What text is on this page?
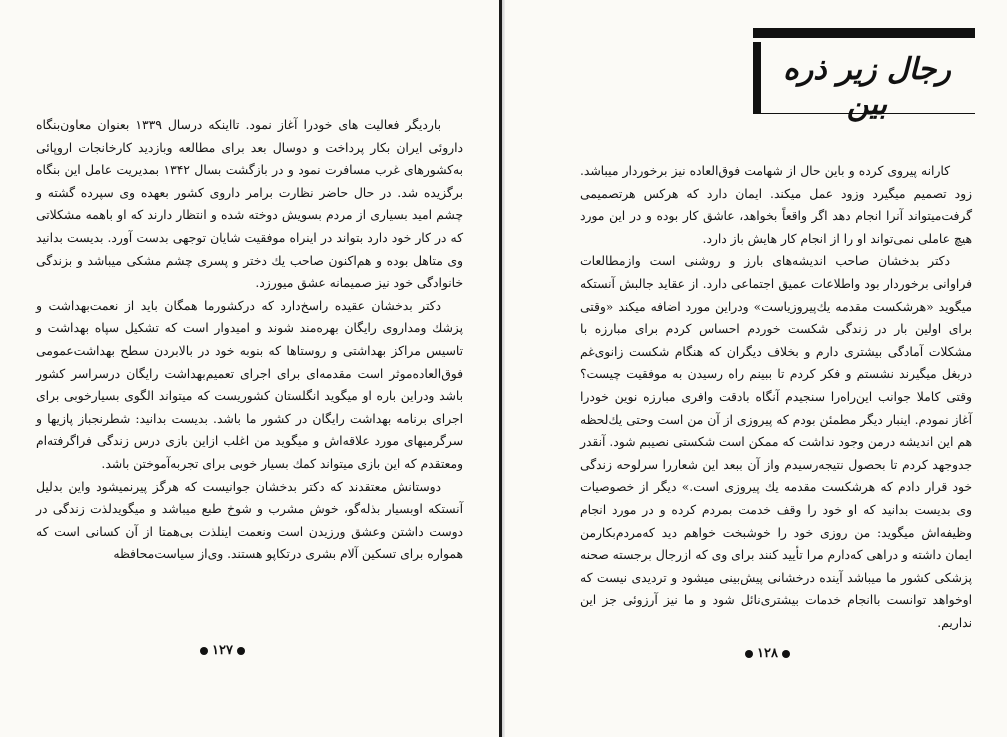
باردیگر فعالیت های خودرا آغاز نمود. تااینکه درسال ۱۳۳۹ بعنوان معاون‌بنگاه داروئی ایران بکار پرداخت و دوسال بعد برای مطالعه وبازدید کارخانجات اروپائی به‌کشورهای غرب مسافرت نمود و در بازگشت بسال ۱۳۴۲ بمدیریت عامل این بنگاه برگزیده شد. در حال حاضر نظارت برامر داروی کشور بعهده وی سپرده گشته و چشم امید بسیاری از مردم بسویش دوخته شده و انتظار دارند که او باهمه مشکلاتی که در کار خود دارد بتواند در اینراه موفقیت شایان توجهی بدست آورد. بدیست بدانید وی متاهل بوده و هم‌اکنون صاحب یك دختر و پسری چشم مشکی میباشد و بزندگی خانوادگی خود نیز صمیمانه عشق میورزد.

دکتر بدخشان عقیده راسخ‌دارد که درکشورما همگان باید از نعمت‌بهداشت و پزشك ومداروی رایگان بهره‌مند شوند و امیدوار است که تشکیل سپاه بهداشت و تاسیس مراکز بهداشتی و روستاها که بنوبه خود در بالابردن سطح بهداشت‌عمومی فوق‌العاده‌موثر است مقدمه‌ای برای اجرای تعمیم‌بهداشت رایگان درسراسر کشور باشد ودراین باره او میگوید انگلستان کشوریست که میتواند الگوی بسیارخوبی برای اجرای برنامه بهداشت رایگان در کشور ما باشد. بدیست بدانید: شطرنجباز پازیها و سرگرمیهای مورد علاقه‌اش و میگوید من اغلب ازاین بازی درس زندگی فراگرفته‌ام ومعتقدم که این بازی میتواند کمك بسیار خوبی برای تجربه‌آموختن باشد.

دوستانش معتقدند که دکتر بدخشان جوانیست که هرگز پیرنمیشود واین بدلیل آنستکه اوبسیار بذله‌گو، خوش مشرب و شوخ طبع میباشد و میگویدلذت زندگی در دوست داشتن وعشق ورزیدن است ونعمت اینلذت بی‌همتا از آن کسانی است که همواره برای تسکین آلام بشری درتکاپو هستند. وی‌از سیاست‌محافظه

۱۲۷
رجال زیر ذره بین

کارانه پیروی کرده و باین حال از شهامت فوق‌العاده نیز برخوردار میباشد. زود تصمیم میگیرد وزود عمل میکند. ایمان دارد که هرکس هرتصمیمی گرفت‌میتواند آنرا انجام دهد اگر واقعاً بخواهد، عاشق کار بوده و در این مورد هیچ عاملی نمی‌تواند او را از انجام کار هایش باز دارد.

دکتر بدخشان صاحب اندیشه‌های بارز و روشنی است وازمطالعات فراوانی برخوردار بود واطلاعات عمیق اجتماعی دارد. از عقاید جالبش آنستکه میگوید «هرشکست مقدمه یك‌پیروزیاست» ودراین مورد اضافه میکند «وقتی برای اولین بار در زندگی شکست خوردم احساس کردم برای مبارزه با مشکلات آمادگی بیشتری دارم و بخلاف دیگران که هنگام شکست زانوی‌غم دربغل میگیرند نشستم و فکر کردم تا ببینم راه رسیدن به موفقیت چیست؟ وقتی کاملا جوانب این‌راه‌را سنجیدم آنگاه بادقت وافری مبارزه نوین خودرا آغاز نمودم. اینبار دیگر مطمئن بودم که پیروزی از آن من است وحتی یك‌لحظه هم این اندیشه درمن وجود نداشت که ممکن است شکستی نصیبم شود. آنقدر جدوجهد کردم تا بحصول نتیجه‌رسیدم واز آن ببعد این شعاررا سرلوحه زندگی خود قرار دادم که هرشکست مقدمه یك پیروزی است.» دیگر از خصوصیات وی بدیست بدانید که او خود را وقف خدمت بمردم کرده و در مورد انجام وظیفه‌اش میگوید: من روزی خود را خوشبخت خواهم دید که‌مردم‌بکارمن ایمان داشته و دراهی که‌دارم مرا تأیید کنند برای وی که ازرجال برجسته صحنه پزشکی کشور ما میباشد آینده درخشانی پیش‌بینی میشود و تردیدی نیست که اوخواهد توانست باانجام خدمات بیشتری‌نائل شود و ما نیز آرزوئی جز این نداریم.

۱۲۸
